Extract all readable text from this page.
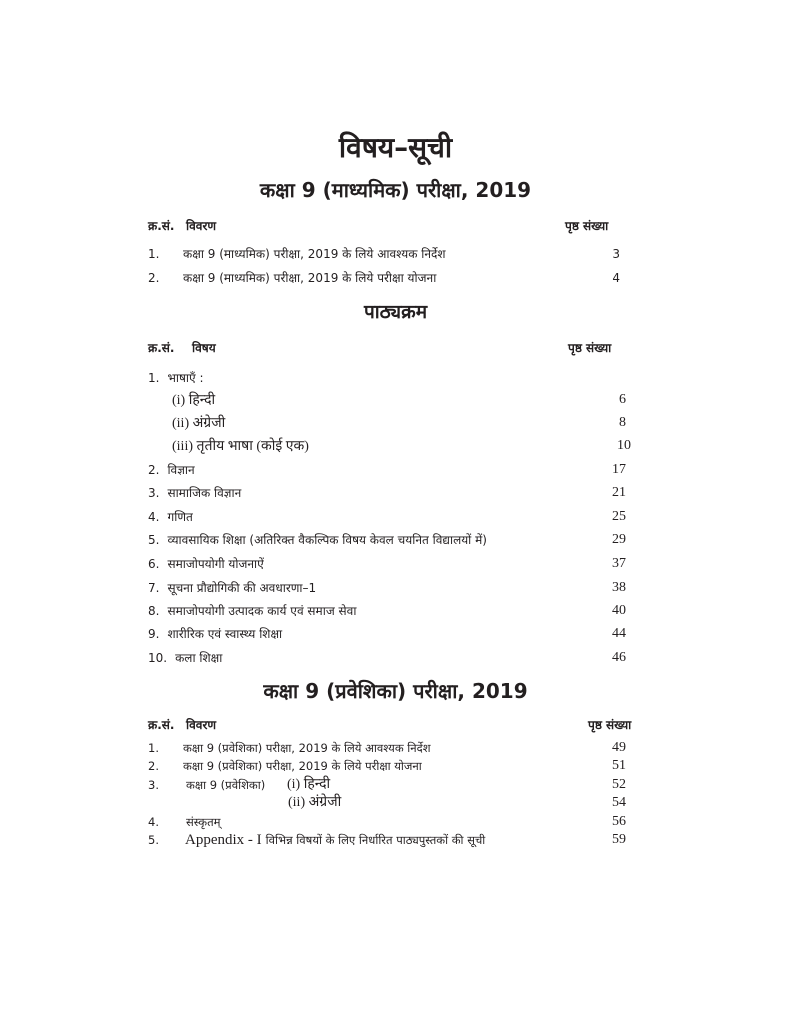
विषय–सूची
कक्षा 9 (माध्यमिक) परीक्षा, 2019
क्र.सं. विवरण	पृष्ठ संख्या
1. कक्षा 9 (माध्यमिक) परीक्षा, 2019 के लिये आवश्यक निर्देश	3
2. कक्षा 9 (माध्यमिक) परीक्षा, 2019 के लिये परीक्षा योजना	4
पाठ्यक्रम
क्र.सं. विषय	पृष्ठ संख्या
1. भाषाएँ :
(i) हिन्दी	6
(ii) अंग्रेजी	8
(iii) तृतीय भाषा (कोई एक)	10
2. विज्ञान	17
3. सामाजिक विज्ञान	21
4. गणित	25
5. व्यावसायिक शिक्षा (अतिरिक्त वैकल्पिक विषय केवल चयनित विद्यालयों में)	29
6. समाजोपयोगी योजनाऐं	37
7. सूचना प्रौद्योगिकी की अवधारणा–1	38
8. समाजोपयोगी उत्पादक कार्य एवं समाज सेवा	40
9. शारीरिक एवं स्वास्थ्य शिक्षा	44
10. कला शिक्षा	46
कक्षा 9 (प्रवेशिका) परीक्षा, 2019
क्र.सं. विवरण	पृष्ठ संख्या
1. कक्षा 9 (प्रवेशिका) परीक्षा, 2019 के लिये आवश्यक निर्देश	49
2. कक्षा 9 (प्रवेशिका) परीक्षा, 2019 के लिये परीक्षा योजना	51
3. कक्षा 9 (प्रवेशिका) (i) हिन्दी	52
(ii) अंग्रेजी	54
4. संस्कृतम्	56
5. Appendix - I विभिन्न विषयों के लिए निर्धारित पाठ्यपुस्तकों की सूची	59
